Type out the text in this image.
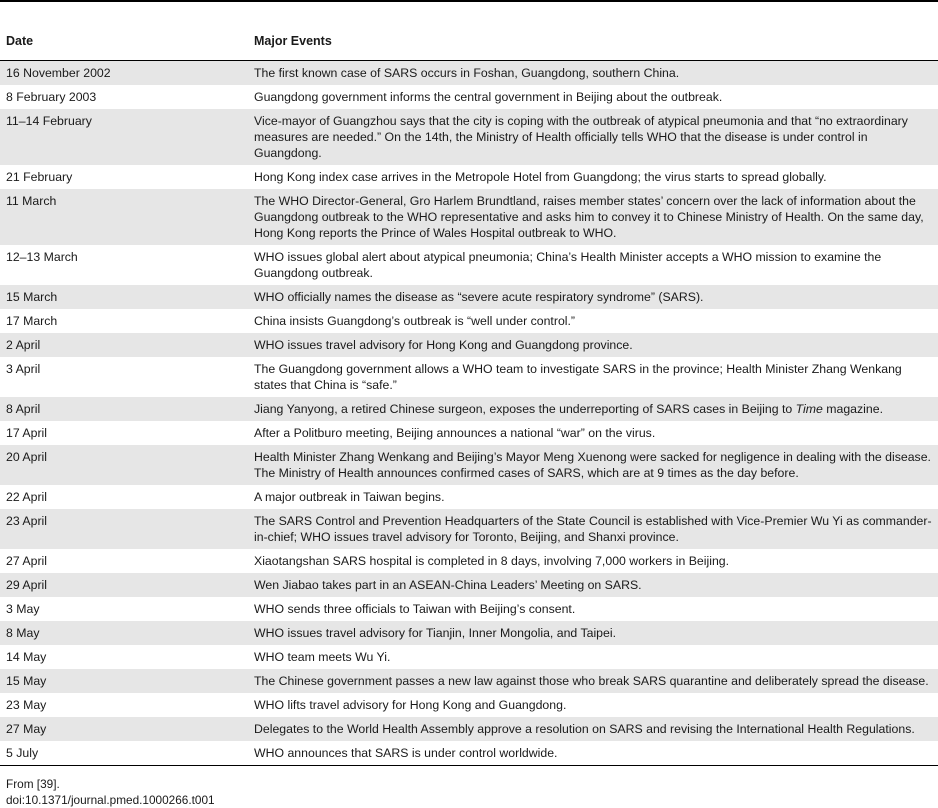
Date	Major Events
16 November 2002	The first known case of SARS occurs in Foshan, Guangdong, southern China.
8 February 2003	Guangdong government informs the central government in Beijing about the outbreak.
11–14 February	Vice-mayor of Guangzhou says that the city is coping with the outbreak of atypical pneumonia and that “no extraordinary measures are needed.” On the 14th, the Ministry of Health officially tells WHO that the disease is under control in Guangdong.
21 February	Hong Kong index case arrives in the Metropole Hotel from Guangdong; the virus starts to spread globally.
11 March	The WHO Director-General, Gro Harlem Brundtland, raises member states’ concern over the lack of information about the Guangdong outbreak to the WHO representative and asks him to convey it to Chinese Ministry of Health. On the same day, Hong Kong reports the Prince of Wales Hospital outbreak to WHO.
12–13 March	WHO issues global alert about atypical pneumonia; China’s Health Minister accepts a WHO mission to examine the Guangdong outbreak.
15 March	WHO officially names the disease as “severe acute respiratory syndrome” (SARS).
17 March	China insists Guangdong’s outbreak is “well under control.”
2 April	WHO issues travel advisory for Hong Kong and Guangdong province.
3 April	The Guangdong government allows a WHO team to investigate SARS in the province; Health Minister Zhang Wenkang states that China is “safe.”
8 April	Jiang Yanyong, a retired Chinese surgeon, exposes the underreporting of SARS cases in Beijing to Time magazine.
17 April	After a Politburo meeting, Beijing announces a national “war” on the virus.
20 April	Health Minister Zhang Wenkang and Beijing’s Mayor Meng Xuenong were sacked for negligence in dealing with the disease. The Ministry of Health announces confirmed cases of SARS, which are at 9 times as the day before.
22 April	A major outbreak in Taiwan begins.
23 April	The SARS Control and Prevention Headquarters of the State Council is established with Vice-Premier Wu Yi as commander-in-chief; WHO issues travel advisory for Toronto, Beijing, and Shanxi province.
27 April	Xiaotangshan SARS hospital is completed in 8 days, involving 7,000 workers in Beijing.
29 April	Wen Jiabao takes part in an ASEAN-China Leaders’ Meeting on SARS.
3 May	WHO sends three officials to Taiwan with Beijing’s consent.
8 May	WHO issues travel advisory for Tianjin, Inner Mongolia, and Taipei.
14 May	WHO team meets Wu Yi.
15 May	The Chinese government passes a new law against those who break SARS quarantine and deliberately spread the disease.
23 May	WHO lifts travel advisory for Hong Kong and Guangdong.
27 May	Delegates to the World Health Assembly approve a resolution on SARS and revising the International Health Regulations.
5 July	WHO announces that SARS is under control worldwide.
From [39].
doi:10.1371/journal.pmed.1000266.t001
